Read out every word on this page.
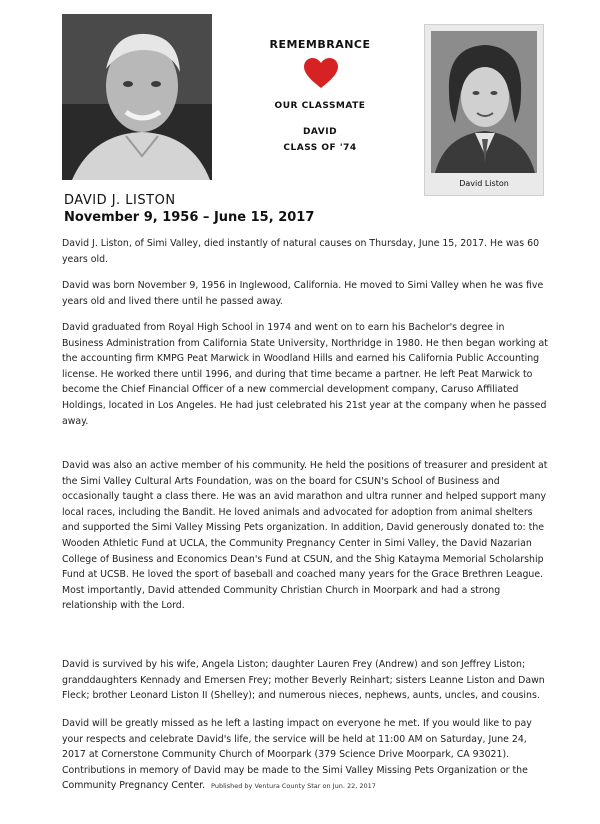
REMEMBRANCE
OUR CLASSMATE
DAVID
CLASS OF '74
David Liston
DAVID J. LISTON
November 9, 1956 – June 15, 2017

David J. Liston, of Simi Valley, died instantly of natural causes on Thursday, June 15, 2017. He was 60 years old.

David was born November 9, 1956 in Inglewood, California. He moved to Simi Valley when he was five years old and lived there until he passed away.

David graduated from Royal High School in 1974 and went on to earn his Bachelor's degree in Business Administration from California State University, Northridge in 1980. He then began working at the accounting firm KMPG Peat Marwick in Woodland Hills and earned his California Public Accounting license. He worked there until 1996, and during that time became a partner. He left Peat Marwick to become the Chief Financial Officer of a new commercial development company, Caruso Affiliated Holdings, located in Los Angeles. He had just celebrated his 21st year at the company when he passed away.

David was also an active member of his community. He held the positions of treasurer and president at the Simi Valley Cultural Arts Foundation, was on the board for CSUN's School of Business and occasionally taught a class there. He was an avid marathon and ultra runner and helped support many local races, including the Bandit. He loved animals and advocated for adoption from animal shelters and supported the Simi Valley Missing Pets organization. In addition, David generously donated to: the Wooden Athletic Fund at UCLA, the Community Pregnancy Center in Simi Valley, the David Nazarian College of Business and Economics Dean's Fund at CSUN, and the Shig Katayma Memorial Scholarship Fund at UCSB. He loved the sport of baseball and coached many years for the Grace Brethren League. Most importantly, David attended Community Christian Church in Moorpark and had a strong relationship with the Lord.

David is survived by his wife, Angela Liston; daughter Lauren Frey (Andrew) and son Jeffrey Liston; granddaughters Kennady and Emersen Frey; mother Beverly Reinhart; sisters Leanne Liston and Dawn Fleck; brother Leonard Liston II (Shelley); and numerous nieces, nephews, aunts, uncles, and cousins.

David will be greatly missed as he left a lasting impact on everyone he met. If you would like to pay your respects and celebrate David's life, the service will be held at 11:00 AM on Saturday, June 24, 2017 at Cornerstone Community Church of Moorpark (379 Science Drive Moorpark, CA 93021). Contributions in memory of David may be made to the Simi Valley Missing Pets Organization or the Community Pregnancy Center. Published by Ventura County Star on Jun. 22, 2017
